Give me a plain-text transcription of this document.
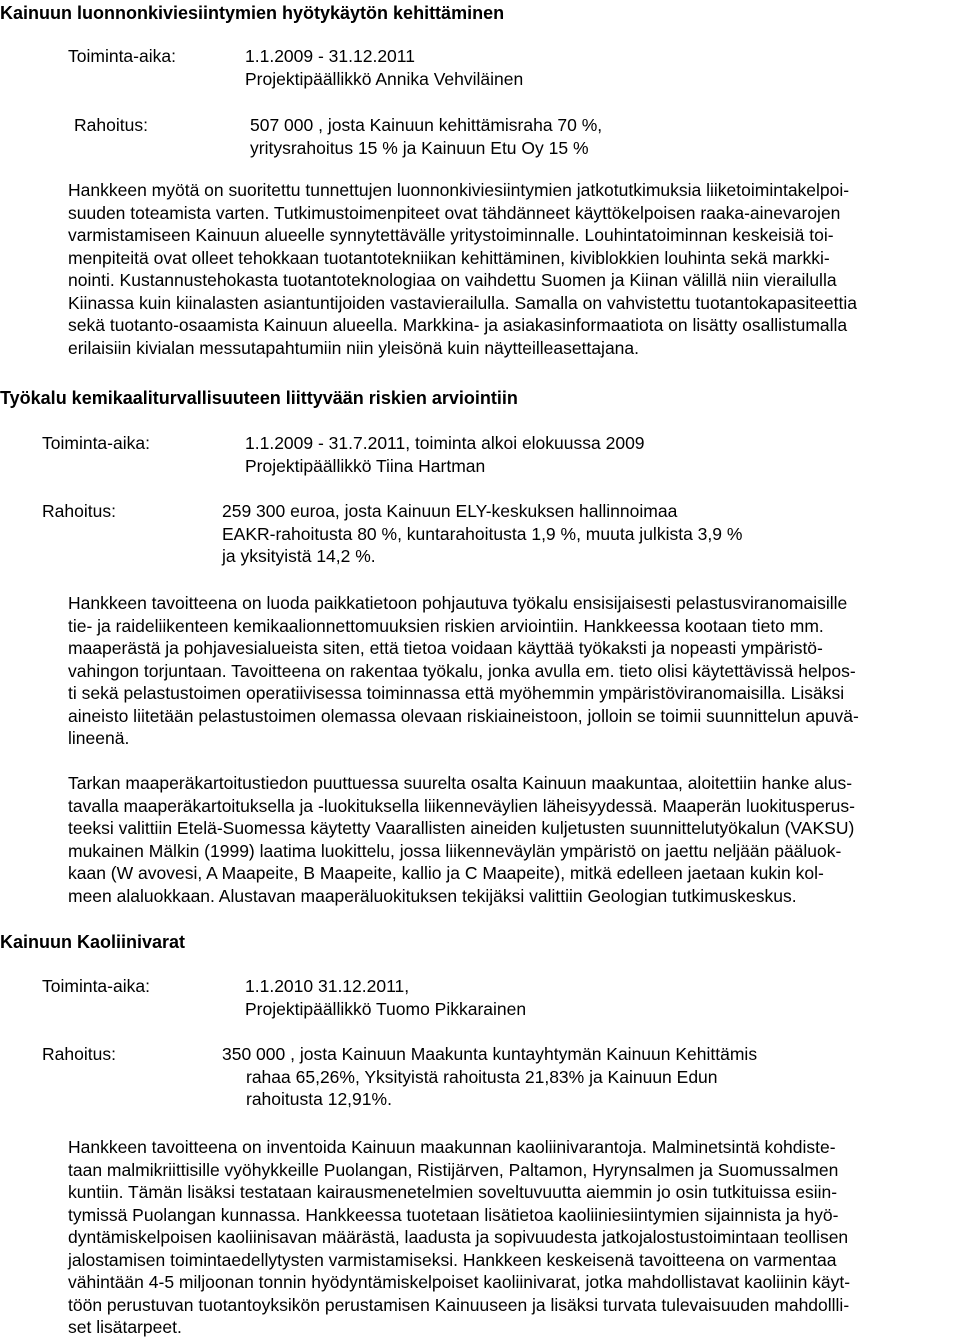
Kainuun luonnonkiviesiintymien hyötykäytön kehittäminen
Toiminta-aika:	1.1.2009 - 31.12.2011
Projektipäällikkö Annika Vehviläinen
Rahoitus:	507 000 , josta Kainuun kehittämisraha 70 %,
yritysrahoitus 15 % ja Kainuun Etu Oy 15 %
Hankkeen myötä on suoritettu tunnettujen luonnonkiviesiintymien jatkotutkimuksia liiketoimintakelpoi-
suuden toteamista varten. Tutkimustoimenpiteet ovat tähdänneet käyttökelpoisen raaka-ainevarojen
varmistamiseen Kainuun alueelle synnytettävälle yritystoiminnalle. Louhintatoiminnan keskeisiä toi-
menpiteitä ovat olleet tehokkaan tuotantotekniikan kehittäminen, kiviblokkien louhinta sekä markki-
nointi. Kustannustehokasta tuotantoteknologiaa on vaihdettu Suomen ja Kiinan välillä niin vierailulla
Kiinassa kuin kiinalasten asiantuntijoiden vastavierailulla. Samalla on vahvistettu tuotantokapasiteettia
sekä tuotanto-osaamista Kainuun alueella. Markkina- ja asiakasinformaatiota on lisätty osallistumalla
erilaisiin kivialan messutapahtumiin niin yleisönä kuin näytteilleasettajana.
Työkalu kemikaaliturvallisuuteen liittyvään riskien arviointiin
Toiminta-aika:	1.1.2009 - 31.7.2011, toiminta alkoi elokuussa 2009
Projektipäällikkö Tiina Hartman
Rahoitus:	259 300 euroa, josta Kainuun ELY-keskuksen hallinnoimaa
EAKR-rahoitusta 80 %, kuntarahoitusta 1,9 %, muuta julkista 3,9 %
ja yksityistä 14,2 %.
Hankkeen tavoitteena on luoda paikkatietoon pohjautuva työkalu ensisijaisesti pelastusviranomaisille
tie- ja raideliikenteen kemikaalionnettomuuksien riskien arviointiin. Hankkeessa kootaan tieto mm.
maaperästä ja pohjavesialueista siten, että tietoa voidaan käyttää työkaksti ja nopeasti ympäristö-
vahingon torjuntaan. Tavoitteena on rakentaa työkalu, jonka avulla em. tieto olisi käytettävissä helpos-
ti sekä pelastustoimen operatiivisessa toiminnassa että myöhemmin ympäristöviranomaisilla. Lisäksi
aineisto liitetään pelastustoimen olemassa olevaan riskiaineistoon, jolloin se toimii suunnittelun apuvä-
lineenä.
Tarkan maaperäkartoitustiedon puuttuessa suurelta osalta Kainuun maakuntaa, aloitettiin hanke alus-
tavalla maaperäkartoituksella ja -luokituksella liikenneväylien läheisyydessä. Maaperän luokitusperus-
teeksi valittiin Etelä-Suomessa käytetty Vaarallisten aineiden kuljetusten suunnittelutyökalun (VAKSU)
mukainen Mälkin (1999) laatima luokittelu, jossa liikenneväylän ympäristö on jaettu neljään pääluok-
kaan (W avovesi, A Maapeite, B Maapeite, kallio ja C Maapeite), mitkä edelleen jaetaan kukin kol-
meen alaluokkaan. Alustavan maaperäluokituksen tekijäksi valittiin Geologian tutkimuskeskus.
Kainuun Kaoliinivarat
Toiminta-aika:	1.1.2010 31.12.2011,
Projektipäällikkö Tuomo Pikkarainen
Rahoitus:	350 000 , josta Kainuun Maakunta kuntayhtymän Kainuun Kehittämis
rahaa 65,26%, Yksityistä rahoitusta 21,83% ja Kainuun Edun
rahoitusta 12,91%.
Hankkeen tavoitteena on inventoida Kainuun maakunnan kaoliinivarantoja. Malminetsintä kohdiste-
taan malmikriittisille vyöhykkeille Puolangan, Ristijärven, Paltamon, Hyrynsalmen ja Suomussalmen
kuntiin. Tämän lisäksi testataan kairausmenetelmien soveltuvuutta aiemmin jo osin tutkituissa esiin-
tymissä Puolangan kunnassa. Hankkeessa tuotetaan lisätietoa kaoliiniesiintymien sijainnista ja hyö-
dyntämiskelpoisen kaoliinisavan määrästä, laadusta ja sopivuudesta jatkojalostustoimintaan teollisen
jalostamisen toimintaedellytysten varmistamiseksi. Hankkeen keskeisenä tavoitteena on varmentaa
vähintään 4-5 miljoonan tonnin hyödyntämiskelpoiset kaoliinivarat, jotka mahdollistavat kaoliinin käyt-
töön perustuvan tuotantoyksikön perustamisen Kainuuseen ja lisäksi turvata tulevaisuuden mahdollli-
set lisätarpeet.
